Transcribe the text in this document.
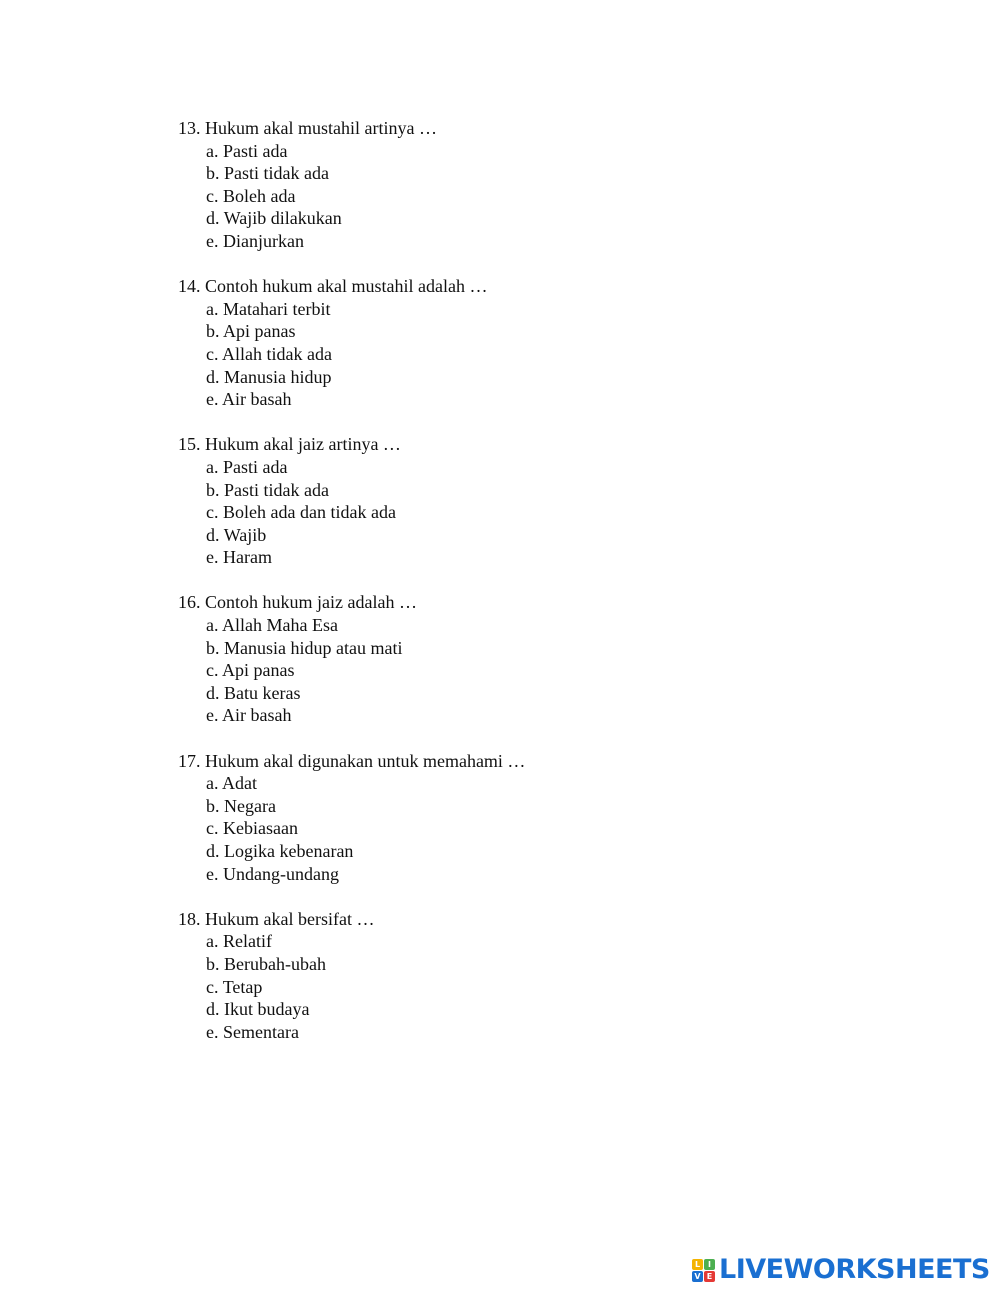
13. Hukum akal mustahil artinya …
a. Pasti ada
b. Pasti tidak ada
c. Boleh ada
d. Wajib dilakukan
e. Dianjurkan
14. Contoh hukum akal mustahil adalah …
a. Matahari terbit
b. Api panas
c. Allah tidak ada
d. Manusia hidup
e. Air basah
15. Hukum akal jaiz artinya …
a. Pasti ada
b. Pasti tidak ada
c. Boleh ada dan tidak ada
d. Wajib
e. Haram
16. Contoh hukum jaiz adalah …
a. Allah Maha Esa
b. Manusia hidup atau mati
c. Api panas
d. Batu keras
e. Air basah
17. Hukum akal digunakan untuk memahami …
a. Adat
b. Negara
c. Kebiasaan
d. Logika kebenaran
e. Undang-undang
18. Hukum akal bersifat …
a. Relatif
b. Berubah-ubah
c. Tetap
d. Ikut budaya
e. Sementara
L I
V E LIVEWORKSHEETS
